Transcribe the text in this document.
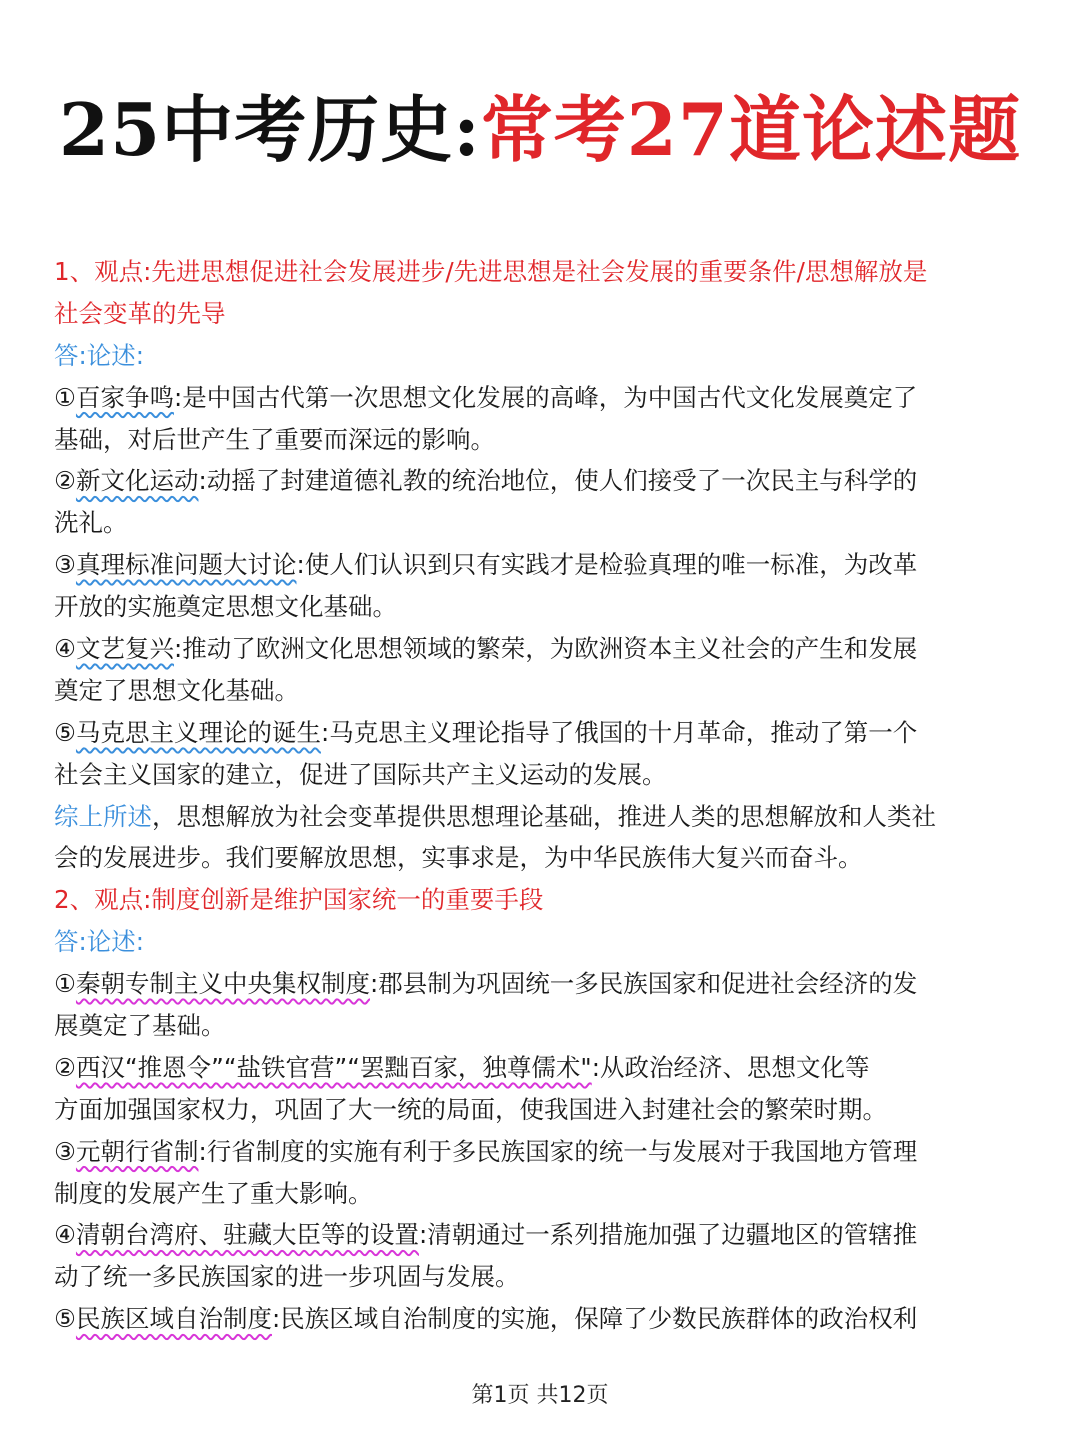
25中考历史:常考27道论述题
1、观点:先进思想促进社会发展进步/先进思想是社会发展的重要条件/思想解放是
社会变革的先导
答:论述:
①百家争鸣:是中国古代第一次思想文化发展的高峰，为中国古代文化发展奠定了
基础，对后世产生了重要而深远的影响。
②新文化运动:动摇了封建道德礼教的统治地位，使人们接受了一次民主与科学的
洗礼。
③真理标准问题大讨论:使人们认识到只有实践才是检验真理的唯一标准，为改革
开放的实施奠定思想文化基础。
④文艺复兴:推动了欧洲文化思想领域的繁荣，为欧洲资本主义社会的产生和发展
奠定了思想文化基础。
⑤马克思主义理论的诞生:马克思主义理论指导了俄国的十月革命，推动了第一个
社会主义国家的建立，促进了国际共产主义运动的发展。
综上所述，思想解放为社会变革提供思想理论基础，推进人类的思想解放和人类社
会的发展进步。我们要解放思想，实事求是，为中华民族伟大复兴而奋斗。
2、观点:制度创新是维护国家统一的重要手段
答:论述:
①秦朝专制主义中央集权制度:郡县制为巩固统一多民族国家和促进社会经济的发
展奠定了基础。
②西汉“推恩令”“盐铁官营”“罢黜百家，独尊儒术":从政治经济、思想文化等
方面加强国家权力，巩固了大一统的局面，使我国进入封建社会的繁荣时期。
③元朝行省制:行省制度的实施有利于多民族国家的统一与发展对于我国地方管理
制度的发展产生了重大影响。
④清朝台湾府、驻藏大臣等的设置:清朝通过一系列措施加强了边疆地区的管辖推
动了统一多民族国家的进一步巩固与发展。
⑤民族区域自治制度:民族区域自治制度的实施，保障了少数民族群体的政治权利
第1页 共12页
